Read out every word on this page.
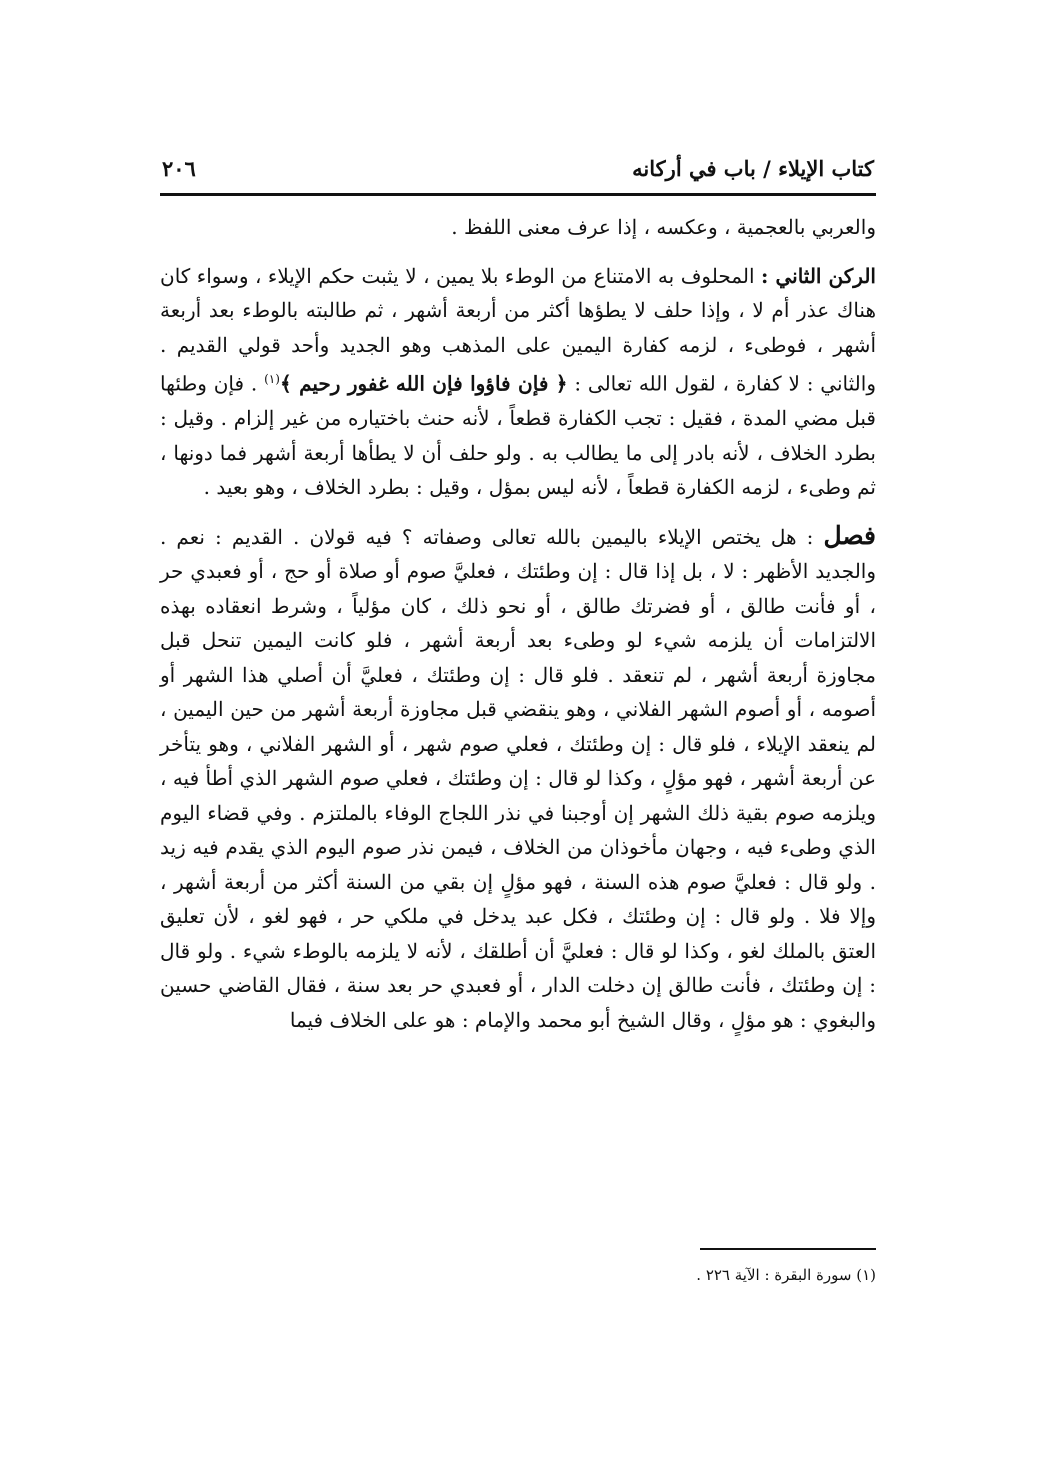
كتاب الإيلاء / باب في أركانه
٢٠٦

والعربي بالعجمية ، وعكسه ، إذا عرف معنى اللفظ .

الركن الثاني : المحلوف به الامتناع من الوطء بلا يمين ، لا يثبت حكم الإيلاء ، وسواء كان هناك عذر أم لا ، وإذا حلف لا يطؤها أكثر من أربعة أشهر ، ثم طالبته بالوطء بعد أربعة أشهر ، فوطىء ، لزمه كفارة اليمين على المذهب وهو الجديد وأحد قولي القديم . والثاني : لا كفارة ، لقول الله تعالى : ﴿ فإن فاؤوا فإن الله غفور رحيم ﴾$^{(١)}$ . فإن وطئها قبل مضي المدة ، فقيل : تجب الكفارة قطعاً ، لأنه حنث باختياره من غير إلزام . وقيل : بطرد الخلاف ، لأنه بادر إلى ما يطالب به . ولو حلف أن لا يطأها أربعة أشهر فما دونها ، ثم وطىء ، لزمه الكفارة قطعاً ، لأنه ليس بمؤل ، وقيل : بطرد الخلاف ، وهو بعيد .

فصل : هل يختص الإيلاء باليمين بالله تعالى وصفاته ؟ فيه قولان . القديم : نعم . والجديد الأظهر : لا ، بل إذا قال : إن وطئتك ، فعليَّ صوم أو صلاة أو حج ، أو فعبدي حر ، أو فأنت طالق ، أو فضرتك طالق ، أو نحو ذلك ، كان مؤلياً ، وشرط انعقاده بهذه الالتزامات أن يلزمه شيء لو وطىء بعد أربعة أشهر ، فلو كانت اليمين تنحل قبل مجاوزة أربعة أشهر ، لم تنعقد . فلو قال : إن وطئتك ، فعليَّ أن أصلي هذا الشهر أو أصومه ، أو أصوم الشهر الفلاني ، وهو ينقضي قبل مجاوزة أربعة أشهر من حين اليمين ، لم ينعقد الإيلاء ، فلو قال : إن وطئتك ، فعلي صوم شهر ، أو الشهر الفلاني ، وهو يتأخر عن أربعة أشهر ، فهو مؤلٍ ، وكذا لو قال : إن وطئتك ، فعلي صوم الشهر الذي أطأ فيه ، ويلزمه صوم بقية ذلك الشهر إن أوجبنا في نذر اللجاج الوفاء بالملتزم . وفي قضاء اليوم الذي وطىء فيه ، وجهان مأخوذان من الخلاف ، فيمن نذر صوم اليوم الذي يقدم فيه زيد . ولو قال : فعليَّ صوم هذه السنة ، فهو مؤلٍ إن بقي من السنة أكثر من أربعة أشهر ، وإلا فلا . ولو قال : إن وطئتك ، فكل عبد يدخل في ملكي حر ، فهو لغو ، لأن تعليق العتق بالملك لغو ، وكذا لو قال : فعليَّ أن أطلقك ، لأنه لا يلزمه بالوطء شيء . ولو قال : إن وطئتك ، فأنت طالق إن دخلت الدار ، أو فعبدي حر بعد سنة ، فقال القاضي حسين والبغوي : هو مؤلٍ ، وقال الشيخ أبو محمد والإمام : هو على الخلاف فيما

(١) سورة البقرة : الآية ٢٢٦ .
